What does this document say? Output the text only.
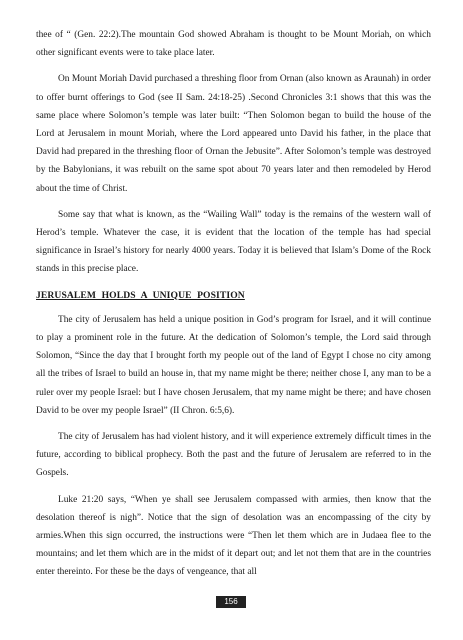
thee of “ (Gen. 22:2).The mountain God showed Abraham is thought to be Mount Moriah, on which other significant events were to take place later.

On Mount Moriah David purchased a threshing floor from Ornan (also known as Araunah) in order to offer burnt offerings to God (see II Sam. 24:18-25) .Second Chronicles 3:1 shows that this was the same place where Solomon’s temple was later built: “Then Solomon began to build the house of the Lord at Jerusalem in mount Moriah, where the Lord appeared unto David his father, in the place that David had prepared in the threshing floor of Ornan the Jebusite”. After Solomon’s temple was destroyed by the Babylonians, it was rebuilt on the same spot about 70 years later and then remodeled by Herod about the time of Christ.

Some say that what is known, as the “Wailing Wall” today is the remains of the western wall of Herod’s temple. Whatever the case, it is evident that the location of the temple has had special significance in Israel’s history for nearly 4000 years. Today it is believed that Islam’s Dome of the Rock stands in this precise place.

JERUSALEM HOLDS A UNIQUE POSITION

The city of Jerusalem has held a unique position in God’s program for Israel, and it will continue to play a prominent role in the future. At the dedication of Solomon’s temple, the Lord said through Solomon, “Since the day that I brought forth my people out of the land of Egypt I chose no city among all the tribes of Israel to build an house in, that my name might be there; neither chose I, any man to be a ruler over my people Israel: but I have chosen Jerusalem, that my name might be there; and have chosen David to be over my people Israel” (II Chron. 6:5,6).

The city of Jerusalem has had violent history, and it will experience extremely difficult times in the future, according to biblical prophecy. Both the past and the future of Jerusalem are referred to in the Gospels.

Luke 21:20 says, “When ye shall see Jerusalem compassed with armies, then know that the desolation thereof is nigh”. Notice that the sign of desolation was an encompassing of the city by armies.When this sign occurred, the instructions were “Then let them which are in Judaea flee to the mountains; and let them which are in the midst of it depart out; and let not them that are in the countries enter thereinto. For these be the days of vengeance, that all

156
